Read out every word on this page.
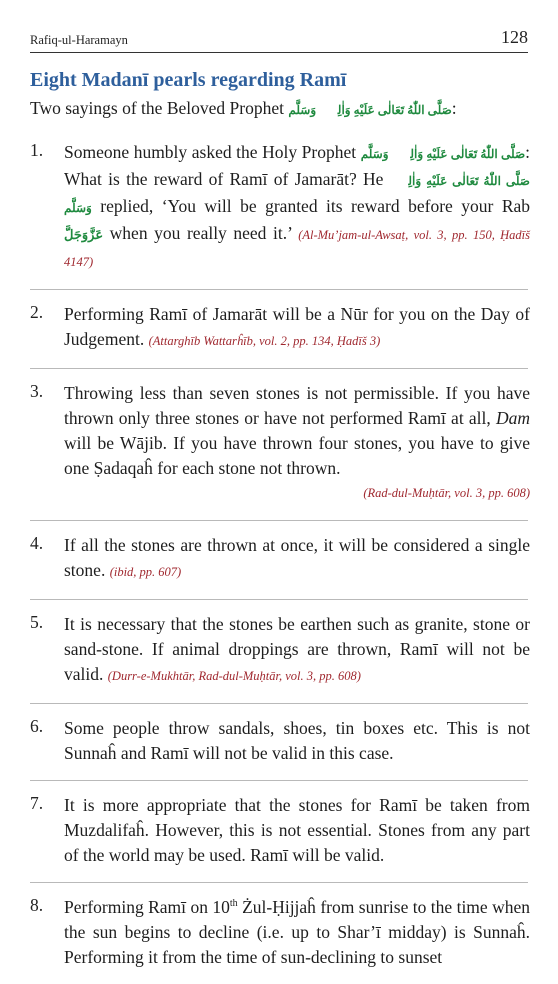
Rafiq-ul-Haramayn	128
Eight Madanī pearls regarding Ramī
Two sayings of the Beloved Prophet صَلَّى اللّٰهُ تَعَالٰى عَلَيْهِ وَاٰلِهٖ وَسَلَّم:
1.	Someone humbly asked the Holy Prophet صَلَّى اللّٰهُ تَعَالٰى عَلَيْهِ وَاٰلِهٖ وَسَلَّم: What is the reward of Ramī of Jamarāt? He صَلَّى اللّٰهُ تَعَالٰى عَلَيْهِ وَاٰلِهٖ وَسَلَّم replied, ‘You will be granted its reward before your Rab عَزَّوَجَلَّ when you really need it.’ (Al-Mu’jam-ul-Awsaṭ, vol. 3, pp. 150, Ḥadīš 4147)
2.	Performing Ramī of Jamarāt will be a Nūr for you on the Day of Judgement. (Attarghīb Wattarĥīb, vol. 2, pp. 134, Ḥadīš 3)
3.	Throwing less than seven stones is not permissible. If you have thrown only three stones or have not performed Ramī at all, Dam will be Wājib. If you have thrown four stones, you have to give one Ṣadaqaĥ for each stone not thrown.
(Rad-dul-Muḥtār, vol. 3, pp. 608)
4.	If all the stones are thrown at once, it will be considered a single stone. (ibid, pp. 607)
5.	It is necessary that the stones be earthen such as granite, stone or sand-stone. If animal droppings are thrown, Ramī will not be valid. (Durr-e-Mukhtār, Rad-dul-Muḥtār, vol. 3, pp. 608)
6.	Some people throw sandals, shoes, tin boxes etc. This is not Sunnaĥ and Ramī will not be valid in this case.
7.	It is more appropriate that the stones for Ramī be taken from Muzdalifaĥ. However, this is not essential. Stones from any part of the world may be used. Ramī will be valid.
8.	Performing Ramī on 10th Żul-Ḥijjaĥ from sunrise to the time when the sun begins to decline (i.e. up to Shar’ī midday) is Sunnaĥ. Performing it from the time of sun-declining to sunset
